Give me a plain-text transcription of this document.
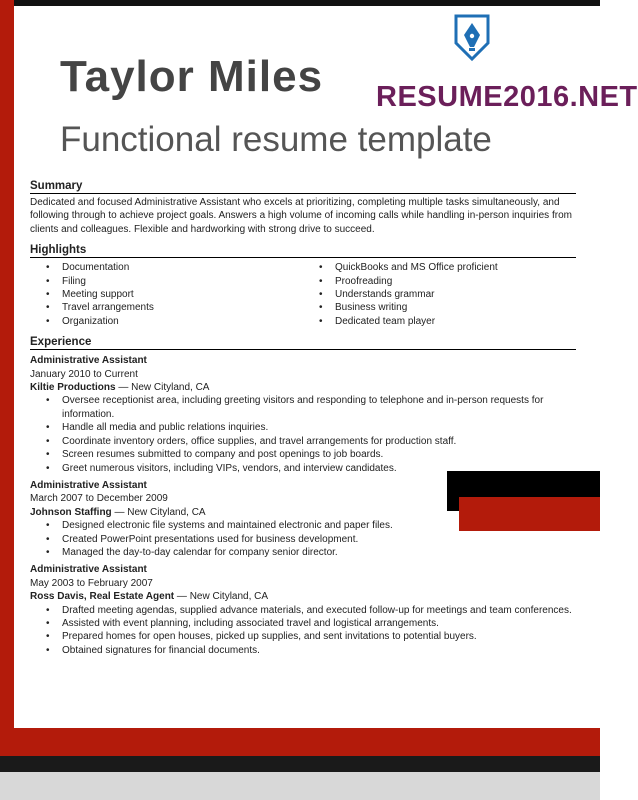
Taylor Miles
Functional resume template
RESUME2016.NET
Summary

Dedicated and focused Administrative Assistant who excels at prioritizing, completing multiple tasks simultaneously, and following through to achieve project goals. Answers a high volume of incoming calls while handling in-person inquiries from clients and colleagues. Flexible and hardworking with strong drive to succeed.

Highlights
• Documentation
• Filing
• Meeting support
• Travel arrangements
• Organization
• QuickBooks and MS Office proficient
• Proofreading
• Understands grammar
• Business writing
• Dedicated team player
Experience

Administrative Assistant

January 2010 to Current

Kiltie Productions — New Cityland, CA

• Oversee receptionist area, including greeting visitors and responding to telephone and in-person requests for information.
• Handle all media and public relations inquiries.
• Coordinate inventory orders, office supplies, and travel arrangements for production staff.
• Screen resumes submitted to company and post openings to job boards.
• Greet numerous visitors, including VIPs, vendors, and interview candidates.

Administrative Assistant

March 2007 to December 2009

Johnson Staffing — New Cityland, CA

• Designed electronic file systems and maintained electronic and paper files.
• Created PowerPoint presentations used for business development.
• Managed the day-to-day calendar for company senior director.

Administrative Assistant

May 2003 to February 2007

Ross Davis, Real Estate Agent — New Cityland, CA

• Drafted meeting agendas, supplied advance materials, and executed follow-up for meetings and team conferences.
• Assisted with event planning, including associated travel and logistical arrangements.
• Prepared homes for open houses, picked up supplies, and sent invitations to potential buyers.
• Obtained signatures for financial documents.
